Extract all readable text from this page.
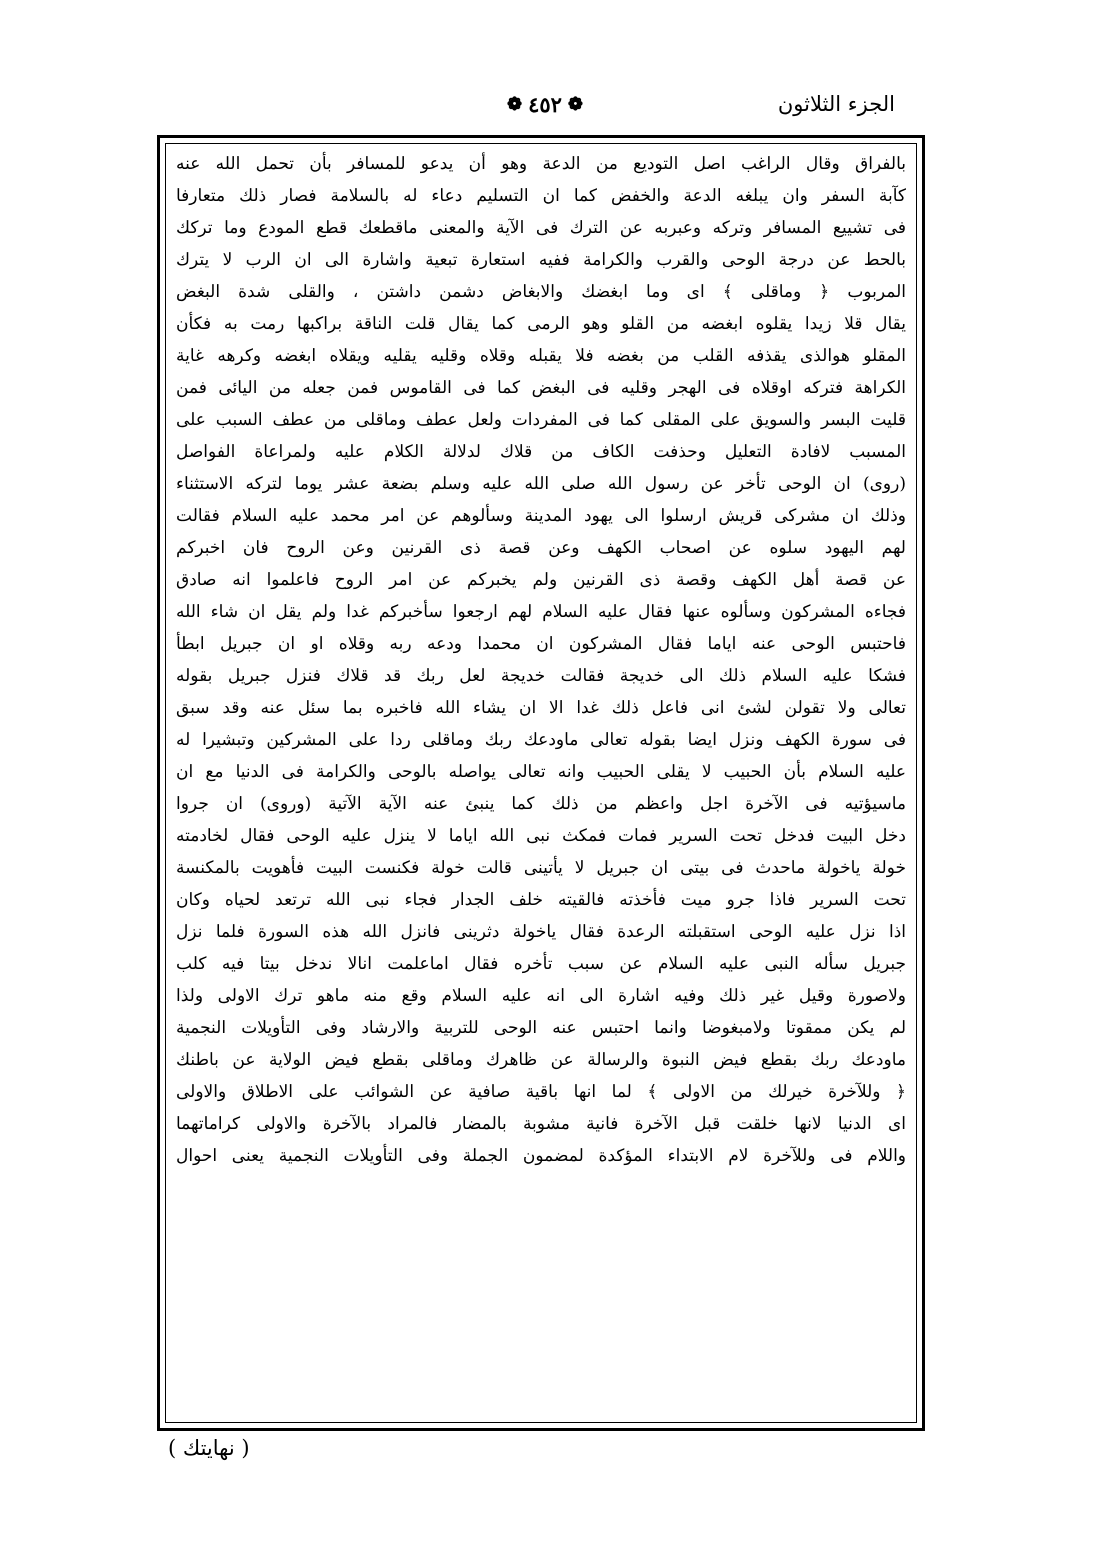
الجزء الثلاثون
❁ ٤٥٢ ❁
بالفراق وقال الراغب اصل التوديع من الدعة وهو أن يدعو للمسافر بأن تحمل الله عنه
كآبة السفر وان يبلغه الدعة والخفض كما ان التسليم دعاء له بالسلامة فصار ذلك متعارفا
فى تشييع المسافر وتركه وعبربه عن الترك فى الآية والمعنى ماقطعك قطع المودع وما تركك
بالحط عن درجة الوحى والقرب والكرامة ففيه استعارة تبعية واشارة الى ان الرب لا يترك
المربوب ﴿ وماقلى ﴾ اى وما ابغضك والابغاض دشمن داشتن ، والقلى شدة البغض
يقال قلا زيدا يقلوه ابغضه من القلو وهو الرمى كما يقال قلت الناقة براكبها رمت به فكأن
المقلو هوالذى يقذفه القلب من بغضه فلا يقبله وقلاه وقليه يقليه ويقلاه ابغضه وكرهه غاية
الكراهة فتركه اوقلاه فى الهجر وقليه فى البغض كما فى القاموس فمن جعله من اليائى فمن
قليت البسر والسويق على المقلى كما فى المفردات ولعل عطف وماقلى من عطف السبب على
المسبب لافادة التعليل وحذفت الكاف من قلاك لدلالة الكلام عليه ولمراعاة الفواصل
(روى) ان الوحى تأخر عن رسول الله صلى الله عليه وسلم بضعة عشر يوما لتركه الاستثناء
وذلك ان مشركى قريش ارسلوا الى يهود المدينة وسألوهم عن امر محمد عليه السلام فقالت
لهم اليهود سلوه عن اصحاب الكهف وعن قصة ذى القرنين وعن الروح فان اخبركم
عن قصة أهل الكهف وقصة ذى القرنين ولم يخبركم عن امر الروح فاعلموا انه صادق
فجاءه المشركون وسألوه عنها فقال عليه السلام لهم ارجعوا سأخبركم غدا ولم يقل ان شاء الله
فاحتبس الوحى عنه اياما فقال المشركون ان محمدا ودعه ربه وقلاه او ان جبريل ابطأ
فشكا عليه السلام ذلك الى خديجة فقالت خديجة لعل ربك قد قلاك فنزل جبريل بقوله
تعالى ولا تقولن لشئ انى فاعل ذلك غدا الا ان يشاء الله فاخبره بما سئل عنه وقد سبق
فى سورة الكهف ونزل ايضا بقوله تعالى ماودعك ربك وماقلى ردا على المشركين وتبشيرا له
عليه السلام بأن الحبيب لا يقلى الحبيب وانه تعالى يواصله بالوحى والكرامة فى الدنيا مع ان
ماسيؤتيه فى الآخرة اجل واعظم من ذلك كما ينبئ عنه الآية الآتية (وروى) ان جروا
دخل البيت فدخل تحت السرير فمات فمكث نبى الله اياما لا ينزل عليه الوحى فقال لخادمته
خولة ياخولة ماحدث فى بيتى ان جبريل لا يأتينى قالت خولة فكنست البيت فأهويت بالمكنسة
تحت السرير فاذا جرو ميت فأخذته فالقيته خلف الجدار فجاء نبى الله ترتعد لحياه وكان
اذا نزل عليه الوحى استقبلته الرعدة فقال ياخولة دثرينى فانزل الله هذه السورة فلما نزل
جبريل سأله النبى عليه السلام عن سبب تأخره فقال اماعلمت انالا ندخل بيتا فيه كلب
ولاصورة وقيل غير ذلك وفيه اشارة الى انه عليه السلام وقع منه ماهو ترك الاولى ولذا
لم يكن ممقوتا ولامبغوضا وانما احتبس عنه الوحى للتربية والارشاد وفى التأويلات النجمية
ماودعك ربك بقطع فيض النبوة والرسالة عن ظاهرك وماقلى بقطع فيض الولاية عن باطنك
﴿ وللآخرة خيرلك من الاولى ﴾ لما انها باقية صافية عن الشوائب على الاطلاق والاولى
اى الدنيا لانها خلقت قبل الآخرة فانية مشوبة بالمضار فالمراد بالآخرة والاولى كراماتهما
واللام فى وللآخرة لام الابتداء المؤكدة لمضمون الجملة وفى التأويلات النجمية يعنى احوال
( نهايتك )
